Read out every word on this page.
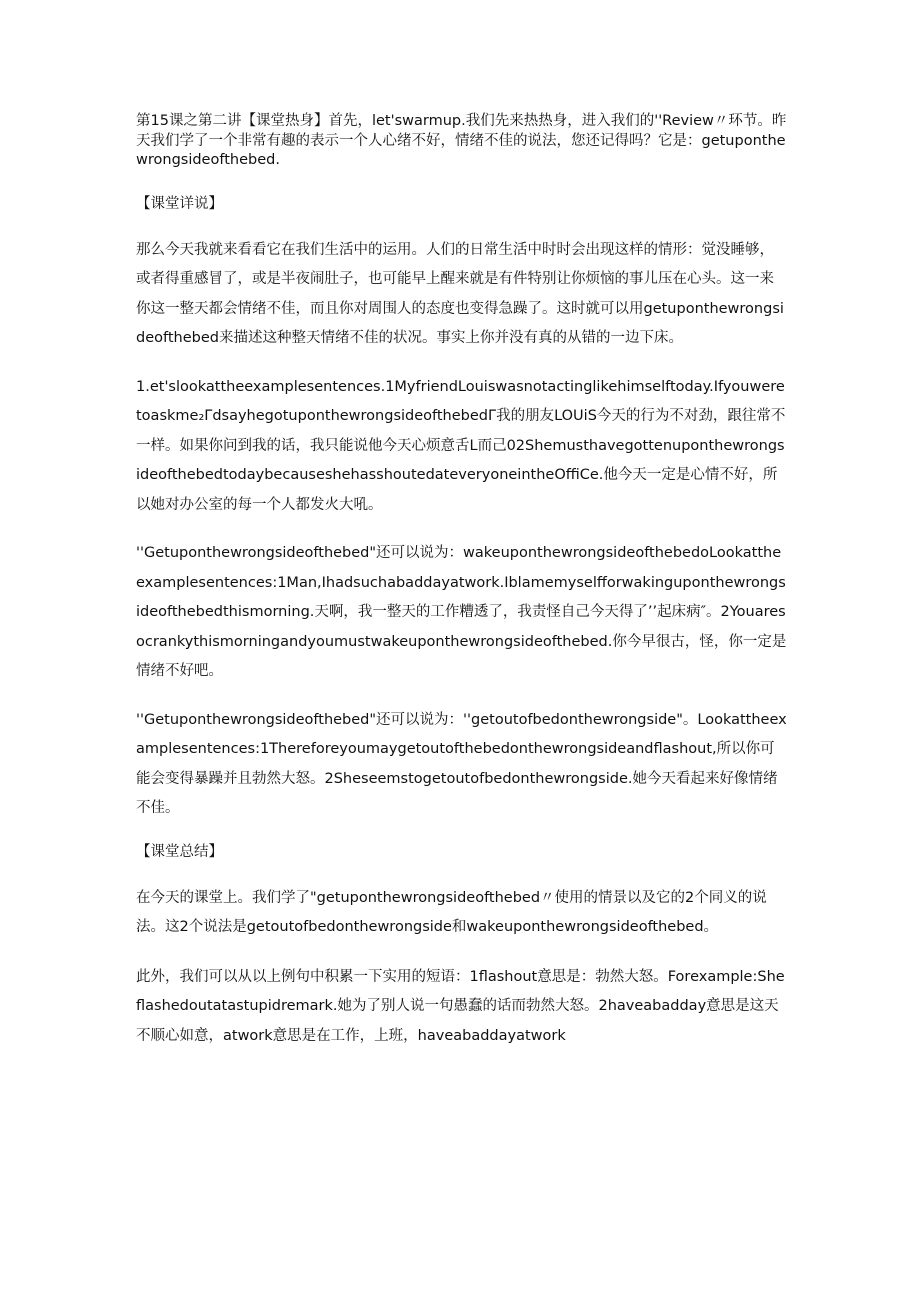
第15课之第二讲【课堂热身】首先，let'swarmup.我们先来热热身，进入我们的''Review〃环节。昨天我们学了一个非常有趣的表示一个人心绪不好，情绪不佳的说法，您还记得吗？它是：getuponthewrongsideofthebed.

【课堂详说】

那么今天我就来看看它在我们生活中的运用。人们的日常生活中时时会出现这样的情形：觉没睡够，或者得重感冒了，或是半夜闹肚子，也可能早上醒来就是有件特别让你烦恼的事儿压在心头。这一来你这一整天都会情绪不佳，而且你对周围人的态度也变得急躁了。这时就可以用getuponthewrongsideofthebed来描述这种整天情绪不佳的状况。事实上你并没有真的从错的一边下床。

1.et'slookattheexamplesentences.1MyfriendLouiswasnotactinglikehimselftoday.Ifyouweretoaskme₂ΓdsayhegotuponthewrongsideofthebedΓ我的朋友LOUiS今天的行为不对劲，跟往常不一样。如果你问到我的话，我只能说他今天心烦意舌L而己02ShemusthavegottenuponthewrongsideofthebedtodaybecauseshehasshoutedateveryoneintheOffiCe.他今天一定是心情不好，所以她对办公室的每一个人都发火大吼。

''Getuponthewrongsideofthebed"还可以说为：wakeuponthewrongsideofthebedoLookattheexamplesentences:1Man,Ihadsuchabaddayatwork.Iblamemyselfforwakinguponthewrongsideofthebedthismorning.天啊，我一整天的工作糟透了，我责怪自己今天得了’’起床病″。2Youaresocrankythismorningandyoumustwakeuponthewrongsideofthebed.你今早很古，怪，你一定是情绪不好吧。

''Getuponthewrongsideofthebed"还可以说为：''getoutofbedonthewrongside"。Lookattheexamplesentences:1Thereforeyoumaygetoutofthebedonthewrongsideandflashout,所以你可能会变得暴躁并且勃然大怒。2Sheseemstogetoutofbedonthewrongside.她今天看起来好像情绪不佳。

【课堂总结】

在今天的课堂上。我们学了"getuponthewrongsideofthebed〃使用的情景以及它的2个同义的说法。这2个说法是getoutofbedonthewrongside和wakeuponthewrongsideofthebed。

此外，我们可以从以上例句中积累一下实用的短语：1flashout意思是：勃然大怒。Forexample:Sheflashedoutatastupidremark.她为了别人说一句愚蠢的话而勃然大怒。2haveabadday意思是这天不顺心如意，atwork意思是在工作，上班，haveabaddayatwork
